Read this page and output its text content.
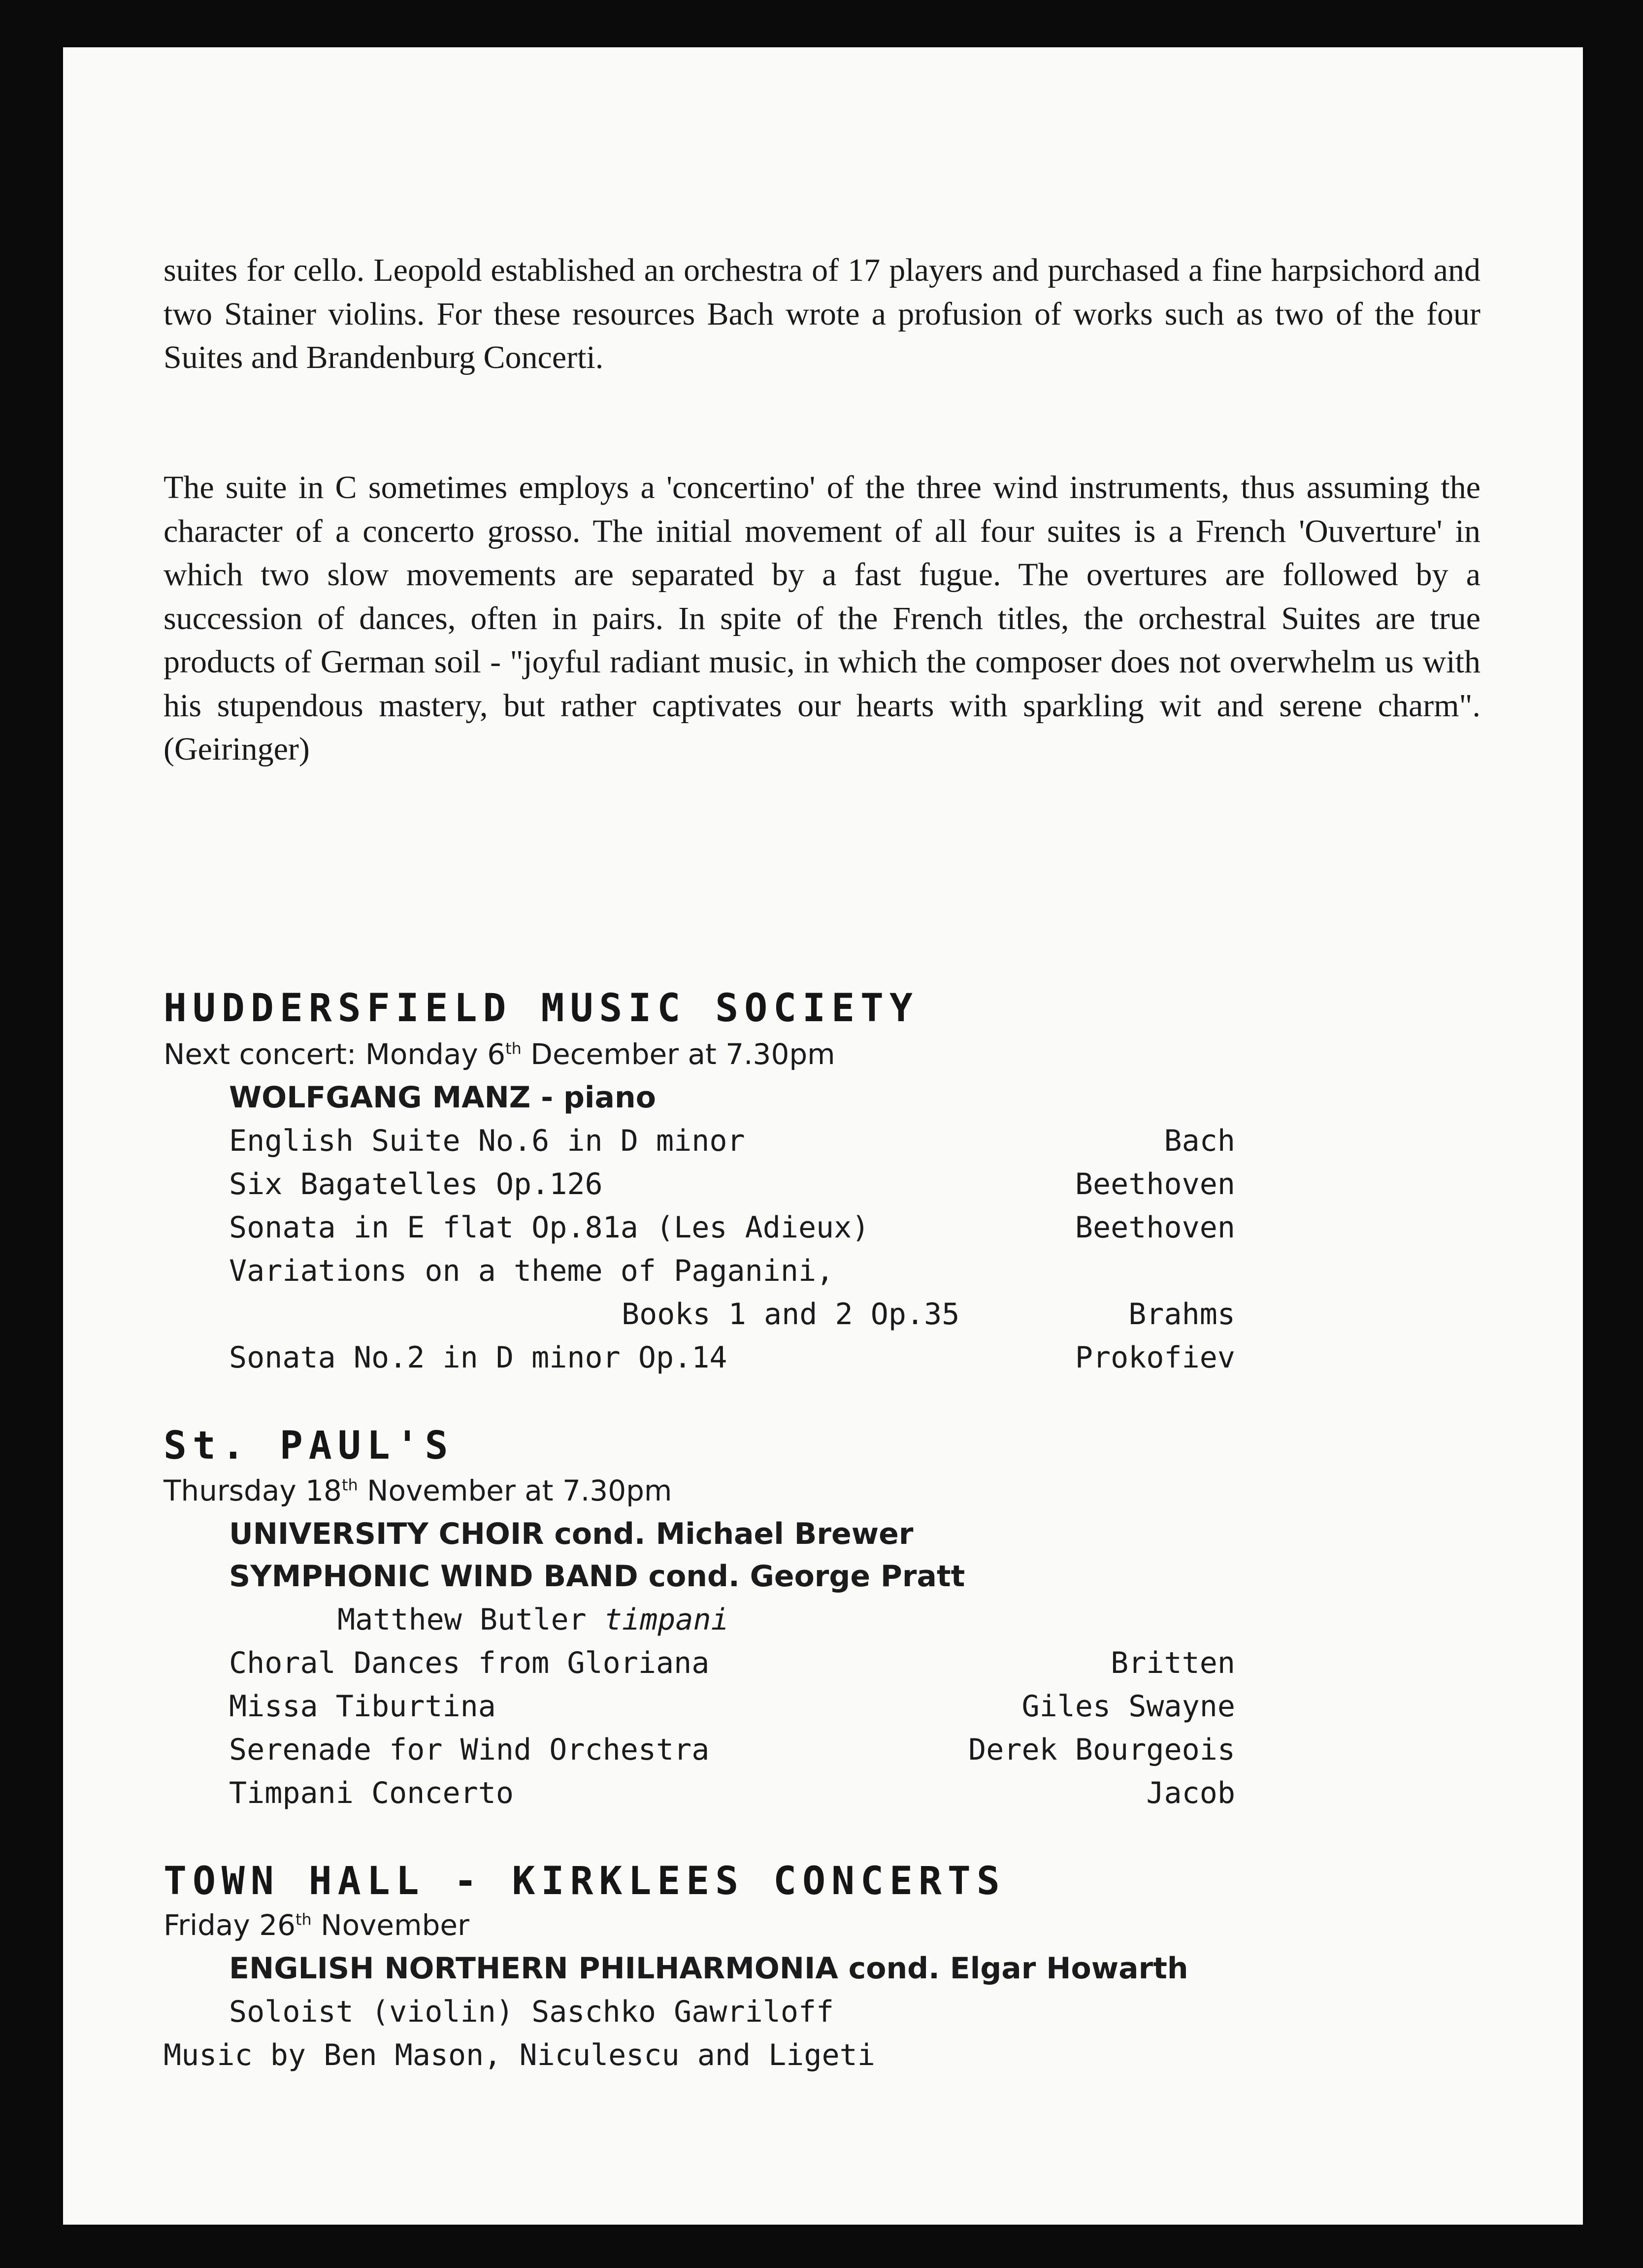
suites for cello. Leopold established an orchestra of 17 players and purchased a fine harpsichord and two Stainer violins. For these resources Bach wrote a profusion of works such as two of the four Suites and Brandenburg Concerti.

The suite in C sometimes employs a 'concertino' of the three wind instruments, thus assuming the character of a concerto grosso. The initial movement of all four suites is a French 'Ouverture' in which two slow movements are separated by a fast fugue. The overtures are followed by a succession of dances, often in pairs. In spite of the French titles, the orchestral Suites are true products of German soil - "joyful radiant music, in which the composer does not overwhelm us with his stupendous mastery, but rather captivates our hearts with sparkling wit and serene charm". (Geiringer)

HUDDERSFIELD MUSIC SOCIETY
Next concert: Monday 6th December at 7.30pm
WOLFGANG MANZ - piano
English Suite No.6 in D minor	Bach
Six Bagatelles Op.126	Beethoven
Sonata in E flat Op.81a (Les Adieux)	Beethoven
Variations on a theme of Paganini,
Books 1 and 2 Op.35	Brahms
Sonata No.2 in D minor Op.14	Prokofiev
St. PAUL'S
Thursday 18th November at 7.30pm
UNIVERSITY CHOIR cond. Michael Brewer
SYMPHONIC WIND BAND cond. George Pratt
Matthew Butler timpani
Choral Dances from Gloriana	Britten
Missa Tiburtina	Giles Swayne
Serenade for Wind Orchestra	Derek Bourgeois
Timpani Concerto	Jacob
TOWN HALL - KIRKLEES CONCERTS
Friday 26th November
ENGLISH NORTHERN PHILHARMONIA cond. Elgar Howarth
Soloist (violin) Saschko Gawriloff
Music by Ben Mason, Niculescu and Ligeti
